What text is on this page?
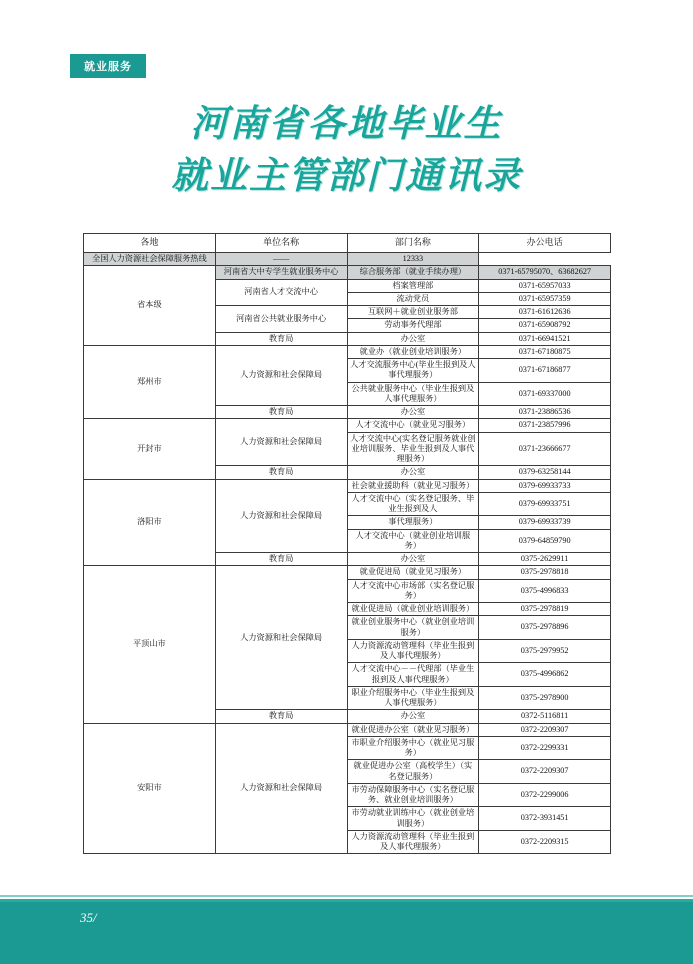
就业服务
河南省各地毕业生
就业主管部门通讯录
各地	单位名称	部门名称	办公电话
全国人力资源社会保障服务热线	——	12333	
省本级	河南省大中专学生就业服务中心	综合服务部（就业手续办理）	0371-65795070、63682627
	河南省人才交流中心	档案管理部	0371-65957033
		流动党员	0371-65957359
	河南省公共就业服务中心	互联网＋就业创业服务部	0371-61612636
		劳动事务代理部	0371-65908792
	教育局	办公室	0371-66941521
郑州市	人力资源和社会保障局	就业办（就业创业培训服务）	0371-67180875
		人才交流服务中心(毕业生报到及人事代理服务）	0371-67186877
		公共就业服务中心（毕业生报到及人事代理服务）	0371-69337000
	教育局	办公室	0371-23886536
开封市	人力资源和社会保障局	人才交流中心（就业见习服务）	0371-23857996
		人才交流中心(实名登记服务就业创业培训服务、毕业生报到及人事代理服务）	0371-23666677
	教育局	办公室	0379-63258144
洛阳市	人力资源和社会保障局	社会就业援助科（就业见习服务）	0379-69933733
		人才交流中心（实名登记服务、毕业生报到及人	0379-69933751
		事代理服务）	0379-69933739
		人才交流中心（就业创业培训服务）	0379-64859790
	教育局	办公室	0375-2629911
平顶山市	人力资源和社会保障局	就业促进局（就业见习服务）	0375-2978818
		人才交流中心市场部（实名登记服务）	0375-4996833
		就业促进局（就业创业培训服务）	0375-2978819
		就业创业服务中心（就业创业培训服务）	0375-2978896
		人力资源流动管理科（毕业生报到及人事代理服务）	0375-2979952
		人才交流中心－－代理部（毕业生报到及人事代理服务）	0375-4996862
		职业介绍服务中心（毕业生报到及人事代理服务）	0375-2978900
	教育局	办公室	0372-5116811
安阳市	人力资源和社会保障局	就业促进办公室（就业见习服务）	0372-2209307
		市职业介绍服务中心（就业见习服务）	0372-2299331
		就业促进办公室（高校学生）（实名登记服务）	0372-2209307
		市劳动保障服务中心（实名登记服务、就业创业培训服务）	0372-2299006
		市劳动就业训练中心（就业创业培训服务）	0372-3931451
		人力资源流动管理科（毕业生报到及人事代理服务）	0372-2209315
35/
